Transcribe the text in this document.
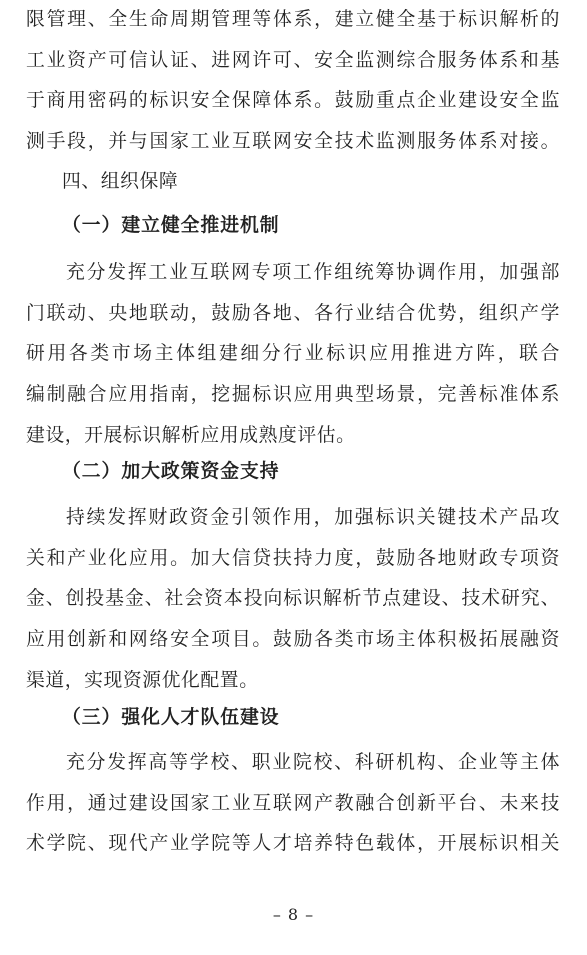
限管理、全生命周期管理等体系，建立健全基于标识解析的
工业资产可信认证、进网许可、安全监测综合服务体系和基
于商用密码的标识安全保障体系。鼓励重点企业建设安全监
测手段，并与国家工业互联网安全技术监测服务体系对接。
四、组织保障
（一）建立健全推进机制
充分发挥工业互联网专项工作组统筹协调作用，加强部
门联动、央地联动，鼓励各地、各行业结合优势，组织产学
研用各类市场主体组建细分行业标识应用推进方阵，联合
编制融合应用指南，挖掘标识应用典型场景，完善标准体系
建设，开展标识解析应用成熟度评估。
（二）加大政策资金支持
持续发挥财政资金引领作用，加强标识关键技术产品攻
关和产业化应用。加大信贷扶持力度，鼓励各地财政专项资
金、创投基金、社会资本投向标识解析节点建设、技术研究、
应用创新和网络安全项目。鼓励各类市场主体积极拓展融资
渠道，实现资源优化配置。
（三）强化人才队伍建设
充分发挥高等学校、职业院校、科研机构、企业等主体
作用，通过建设国家工业互联网产教融合创新平台、未来技
术学院、现代产业学院等人才培养特色载体，开展标识相关
– 8 –
